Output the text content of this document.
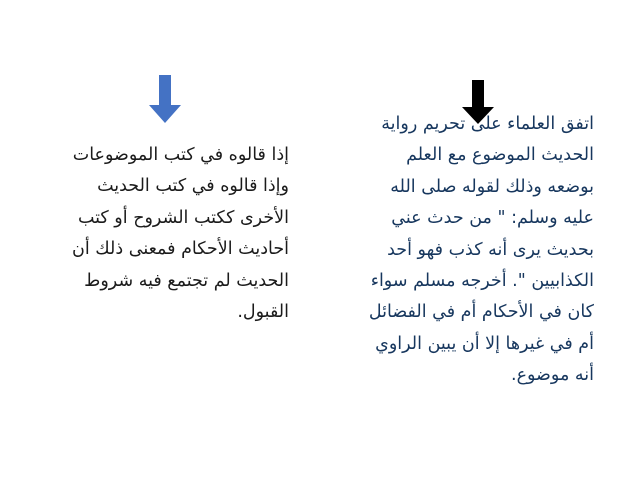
إذا قالوه في كتب الموضوعات
وإذا قالوه في كتب الحديث
الأخرى ككتب الشروح أو كتب
أحاديث الأحكام فمعنى ذلك أن
الحديث لم تجتمع فيه شروط
القبول.
اتفق العلماء على تحريم رواية
الحديث الموضوع مع العلم
بوضعه وذلك لقوله صلى الله
عليه وسلم: " من حدث عني
بحديث يرى أنه كذب فهو أحد
الكذابيين ". أخرجه مسلم سواء
كان في الأحكام أم في الفضائل
أم في غيرها إلا أن يبين الراوي
أنه موضوع.
